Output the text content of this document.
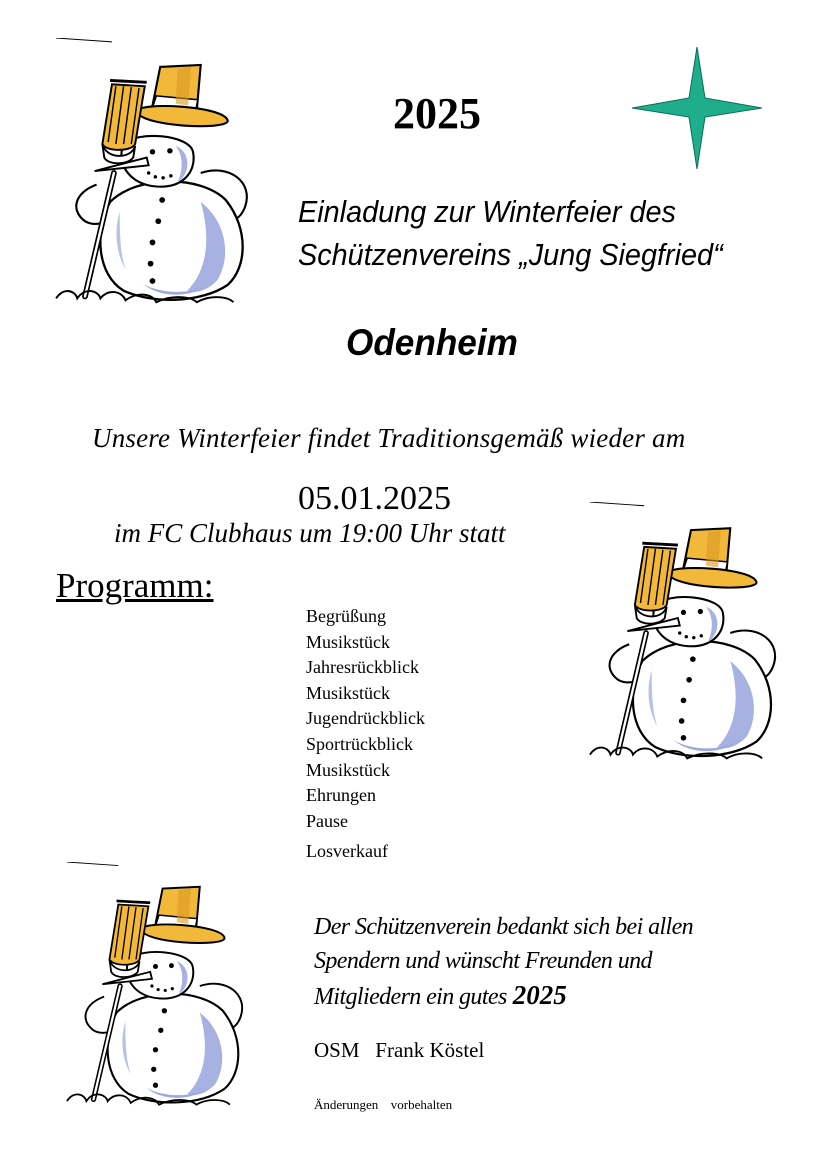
2025
Einladung zur Winterfeier des
Schützenvereins „Jung Siegfried“
Odenheim
Unsere Winterfeier findet Traditionsgemäß wieder am
05.01.2025
im FC Clubhaus um 19:00 Uhr statt
Programm:
Begrüßung
Musikstück
Jahresrückblick
Musikstück
Jugendrückblick
Sportrückblick
Musikstück
Ehrungen
Pause
Losverkauf
Der Schützenverein bedankt sich bei allen
Spendern und wünscht Freunden und
Mitgliedern ein gutes 2025
OSM   Frank Köstel
Änderungen  vorbehalten
